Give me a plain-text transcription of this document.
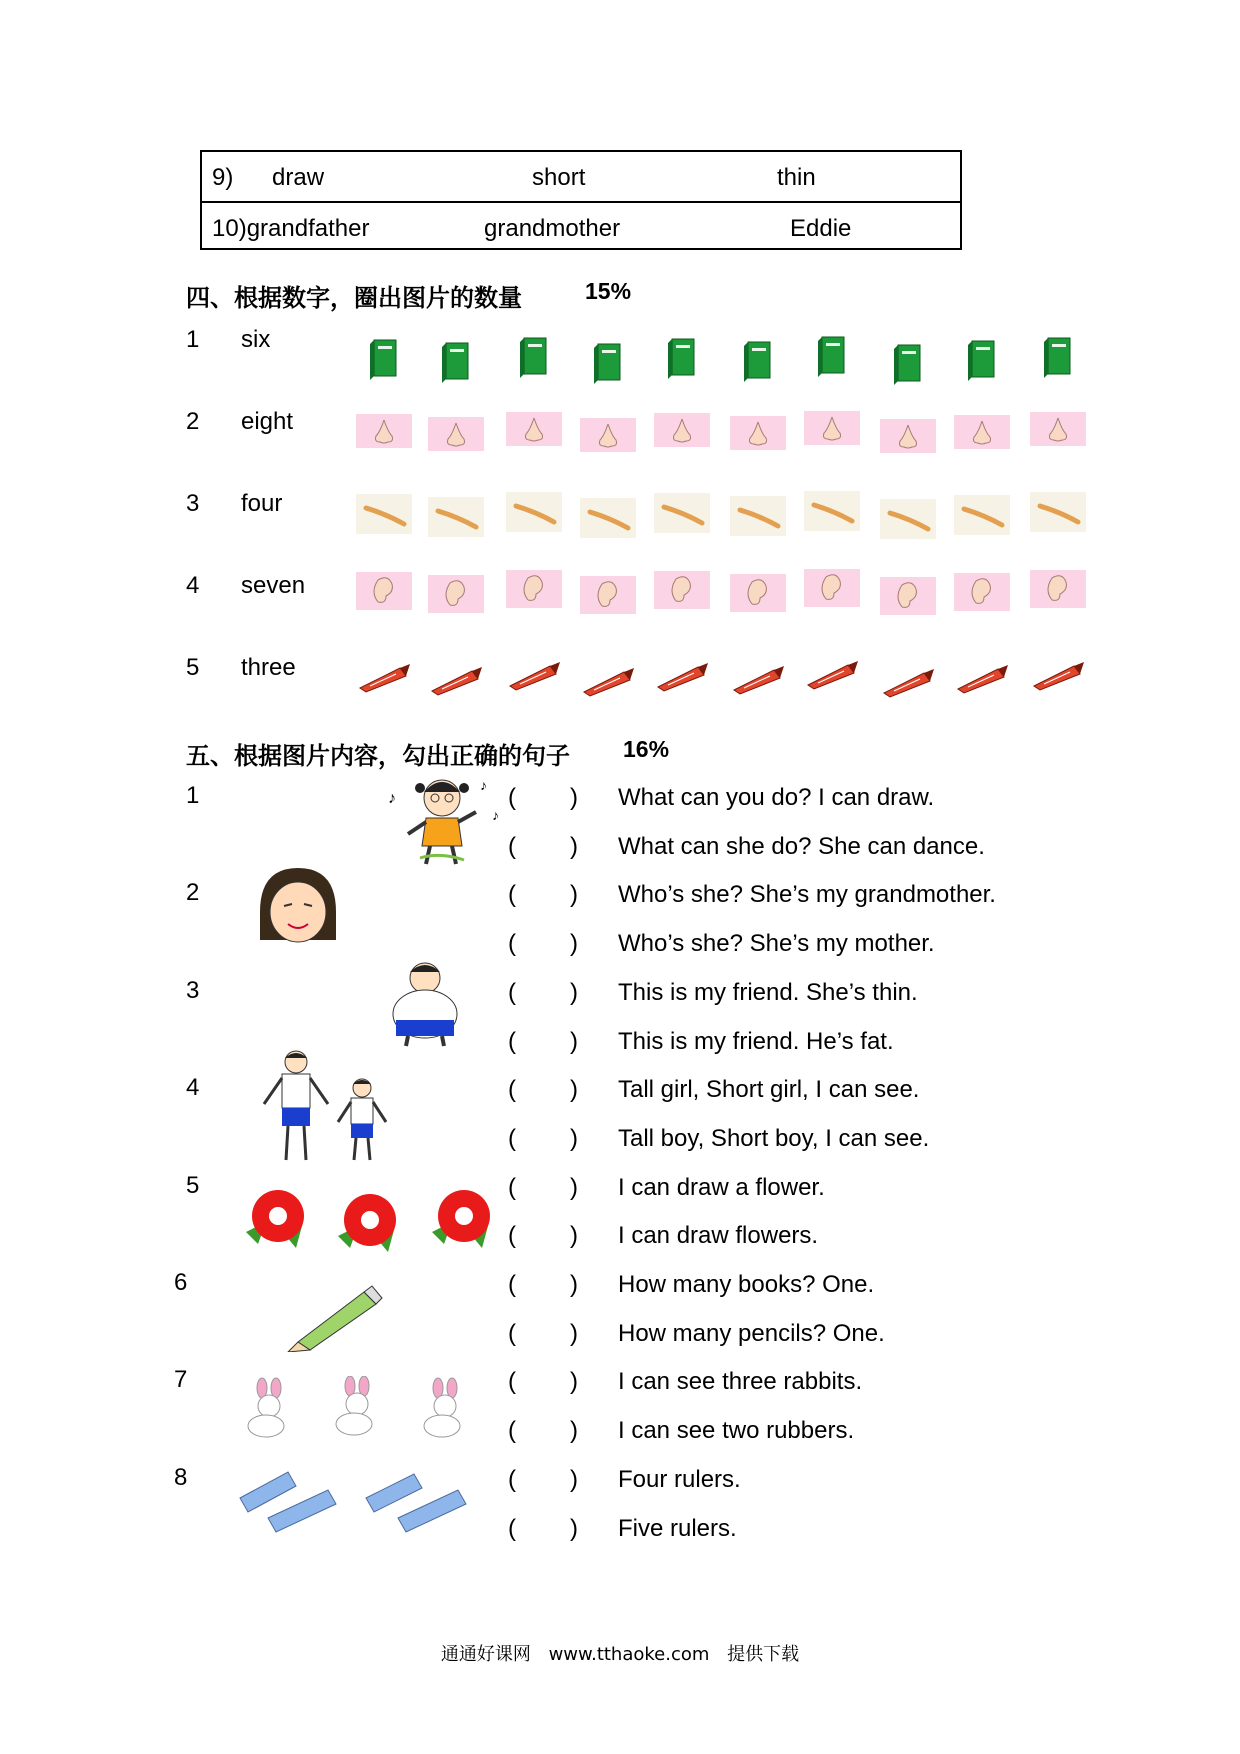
9) draw	short	thin
10)grandfather	grandmother	Eddie
四、根据数字，圈出图片的数量	15%
1 six
2 eight
3 four
4 seven
5 three
五、根据图片内容，勾出正确的句子 16%
1	( ) What can you do? I can draw.
( ) What can she do? She can dance.
2	( ) Who’s she? She’s my grandmother.
( ) Who’s she? She’s my mother.
3	( ) This is my friend. She’s thin.
( ) This is my friend. He’s fat.
4	( ) Tall girl, Short girl, I can see.
( ) Tall boy, Short boy, I can see.
5	( ) I can draw a flower.
( ) I can draw flowers.
6	( ) How many books? One.
( ) How many pencils? One.
7	( ) I can see three rabbits.
( ) I can see two rubbers.
8	( ) Four rulers.
( ) Five rulers.
♪
♪
♪
通通好课网 www.tthaoke.com 提供下载
